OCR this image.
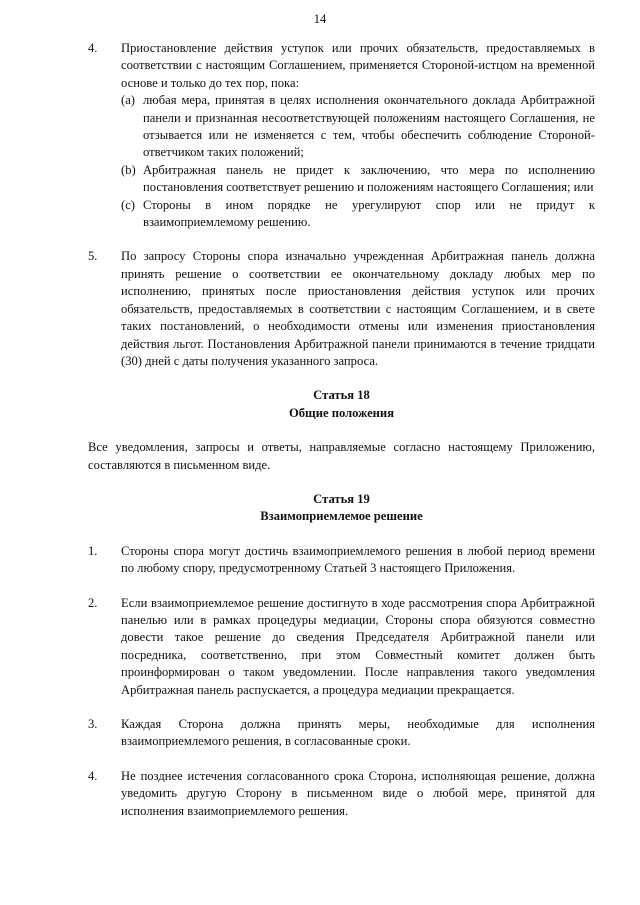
14
4.	Приостановление действия уступок или прочих обязательств, предоставляемых в соответствии с настоящим Соглашением, применяется Стороной-истцом на временной основе и только до тех пор, пока:
(a) любая мера, принятая в целях исполнения окончательного доклада Арбитражной панели и признанная несоответствующей положениям настоящего Соглашения, не отзывается или не изменяется с тем, чтобы обеспечить соблюдение Стороной-ответчиком таких положений;
(b) Арбитражная панель не придет к заключению, что мера по исполнению постановления соответствует решению и положениям настоящего Соглашения; или
(c) Стороны в ином порядке не урегулируют спор или не придут к взаимоприемлемому решению.
5.	По запросу Стороны спора изначально учрежденная Арбитражная панель должна принять решение о соответствии ее окончательному докладу любых мер по исполнению, принятых после приостановления действия уступок или прочих обязательств, предоставляемых в соответствии с настоящим Соглашением, и в свете таких постановлений, о необходимости отмены или изменения приостановления действия льгот. Постановления Арбитражной панели принимаются в течение тридцати (30) дней с даты получения указанного запроса.

Статья 18

Общие положения

Все уведомления, запросы и ответы, направляемые согласно настоящему Приложению, составляются в письменном виде.

Статья 19

Взаимоприемлемое решение

1.	Стороны спора могут достичь взаимоприемлемого решения в любой период времени по любому спору, предусмотренному Статьей 3 настоящего Приложения.
2.	Если взаимоприемлемое решение достигнуто в ходе рассмотрения спора Арбитражной панелью или в рамках процедуры медиации, Стороны спора обязуются совместно довести такое решение до сведения Председателя Арбитражной панели или посредника, соответственно, при этом Совместный комитет должен быть проинформирован о таком уведомлении. После направления такого уведомления Арбитражная панель распускается, а процедура медиации прекращается.
3.	Каждая Сторона должна принять меры, необходимые для исполнения взаимоприемлемого решения, в согласованные сроки.
4.	Не позднее истечения согласованного срока Сторона, исполняющая решение, должна уведомить другую Сторону в письменном виде о любой мере, принятой для исполнения взаимоприемлемого решения.
